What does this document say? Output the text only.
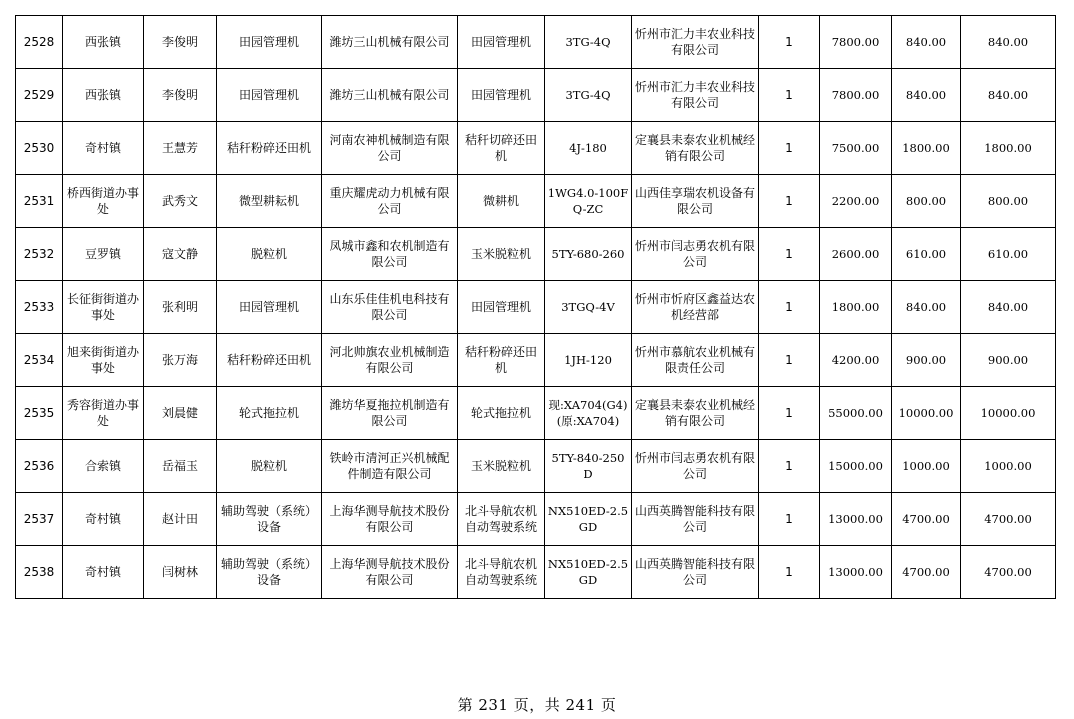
2528	西张镇	李俊明	田园管理机	潍坊三山机械有限公司	田园管理机	3TG-4Q	忻州市汇力丰农业科技有限公司	1	7800.00	840.00	840.00
2529	西张镇	李俊明	田园管理机	潍坊三山机械有限公司	田园管理机	3TG-4Q	忻州市汇力丰农业科技有限公司	1	7800.00	840.00	840.00
2530	奇村镇	王慧芳	秸秆粉碎还田机	河南农神机械制造有限公司	秸秆切碎还田机	4J-180	定襄县耒泰农业机械经销有限公司	1	7500.00	1800.00	1800.00
2531	桥西街道办事处	武秀文	微型耕耘机	重庆耀虎动力机械有限公司	微耕机	1WG4.0-100FQ-ZC	山西佳享瑞农机设备有限公司	1	2200.00	800.00	800.00
2532	豆罗镇	寇文静	脱粒机	凤城市鑫和农机制造有限公司	玉米脱粒机	5TY-680-260	忻州市闫志勇农机有限公司	1	2600.00	610.00	610.00
2533	长征街街道办事处	张利明	田园管理机	山东乐佳佳机电科技有限公司	田园管理机	3TGQ-4V	忻州市忻府区鑫益达农机经营部	1	1800.00	840.00	840.00
2534	旭来街街道办事处	张万海	秸秆粉碎还田机	河北帅旗农业机械制造有限公司	秸秆粉碎还田机	1JH-120	忻州市慕航农业机械有限责任公司	1	4200.00	900.00	900.00
2535	秀容街道办事处	刘晨健	轮式拖拉机	潍坊华夏拖拉机制造有限公司	轮式拖拉机	现:XA704(G4)(原:XA704)	定襄县耒泰农业机械经销有限公司	1	55000.00	10000.00	10000.00
2536	合索镇	岳福玉	脱粒机	铁岭市清河正兴机械配件制造有限公司	玉米脱粒机	5TY-840-250D	忻州市闫志勇农机有限公司	1	15000.00	1000.00	1000.00
2537	奇村镇	赵计田	辅助驾驶（系统）设备	上海华测导航技术股份有限公司	北斗导航农机自动驾驶系统	NX510ED-2.5GD	山西英腾智能科技有限公司	1	13000.00	4700.00	4700.00
2538	奇村镇	闫树林	辅助驾驶（系统）设备	上海华测导航技术股份有限公司	北斗导航农机自动驾驶系统	NX510ED-2.5GD	山西英腾智能科技有限公司	1	13000.00	4700.00	4700.00
第 231 页，共 241 页
